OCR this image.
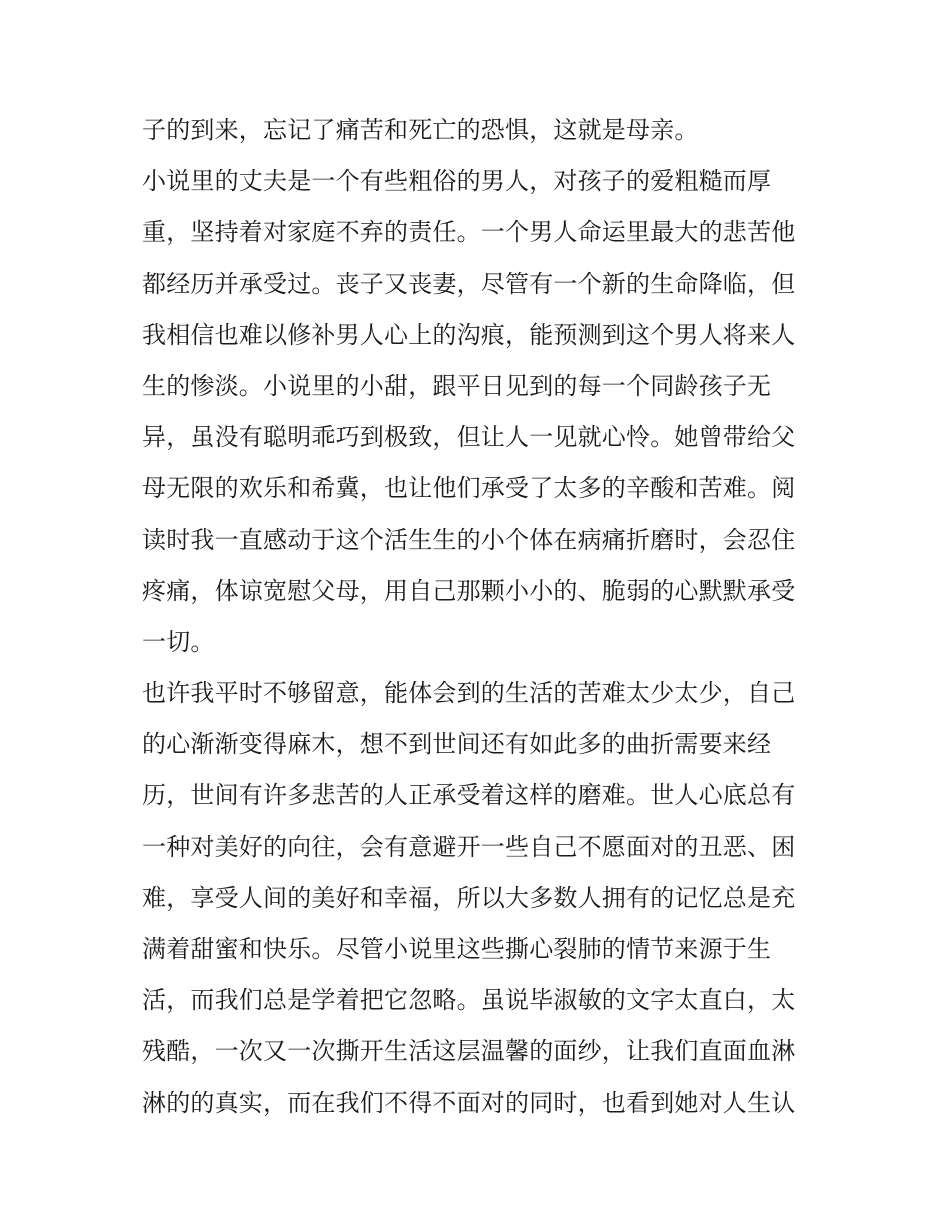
子的到来，忘记了痛苦和死亡的恐惧，这就是母亲。
小说里的丈夫是一个有些粗俗的男人，对孩子的爱粗糙而厚
重，坚持着对家庭不弃的责任。一个男人命运里最大的悲苦他
都经历并承受过。丧子又丧妻，尽管有一个新的生命降临，但
我相信也难以修补男人心上的沟痕，能预测到这个男人将来人
生的惨淡。小说里的小甜，跟平日见到的每一个同龄孩子无
异，虽没有聪明乖巧到极致，但让人一见就心怜。她曾带给父
母无限的欢乐和希冀，也让他们承受了太多的辛酸和苦难。阅
读时我一直感动于这个活生生的小个体在病痛折磨时，会忍住
疼痛，体谅宽慰父母，用自己那颗小小的、脆弱的心默默承受
一切。
也许我平时不够留意，能体会到的生活的苦难太少太少，自己
的心渐渐变得麻木，想不到世间还有如此多的曲折需要来经
历，世间有许多悲苦的人正承受着这样的磨难。世人心底总有
一种对美好的向往，会有意避开一些自己不愿面对的丑恶、困
难，享受人间的美好和幸福，所以大多数人拥有的记忆总是充
满着甜蜜和快乐。尽管小说里这些撕心裂肺的情节来源于生
活，而我们总是学着把它忽略。虽说毕淑敏的文字太直白，太
残酷，一次又一次撕开生活这层温馨的面纱，让我们直面血淋
淋的的真实，而在我们不得不面对的同时，也看到她对人生认
